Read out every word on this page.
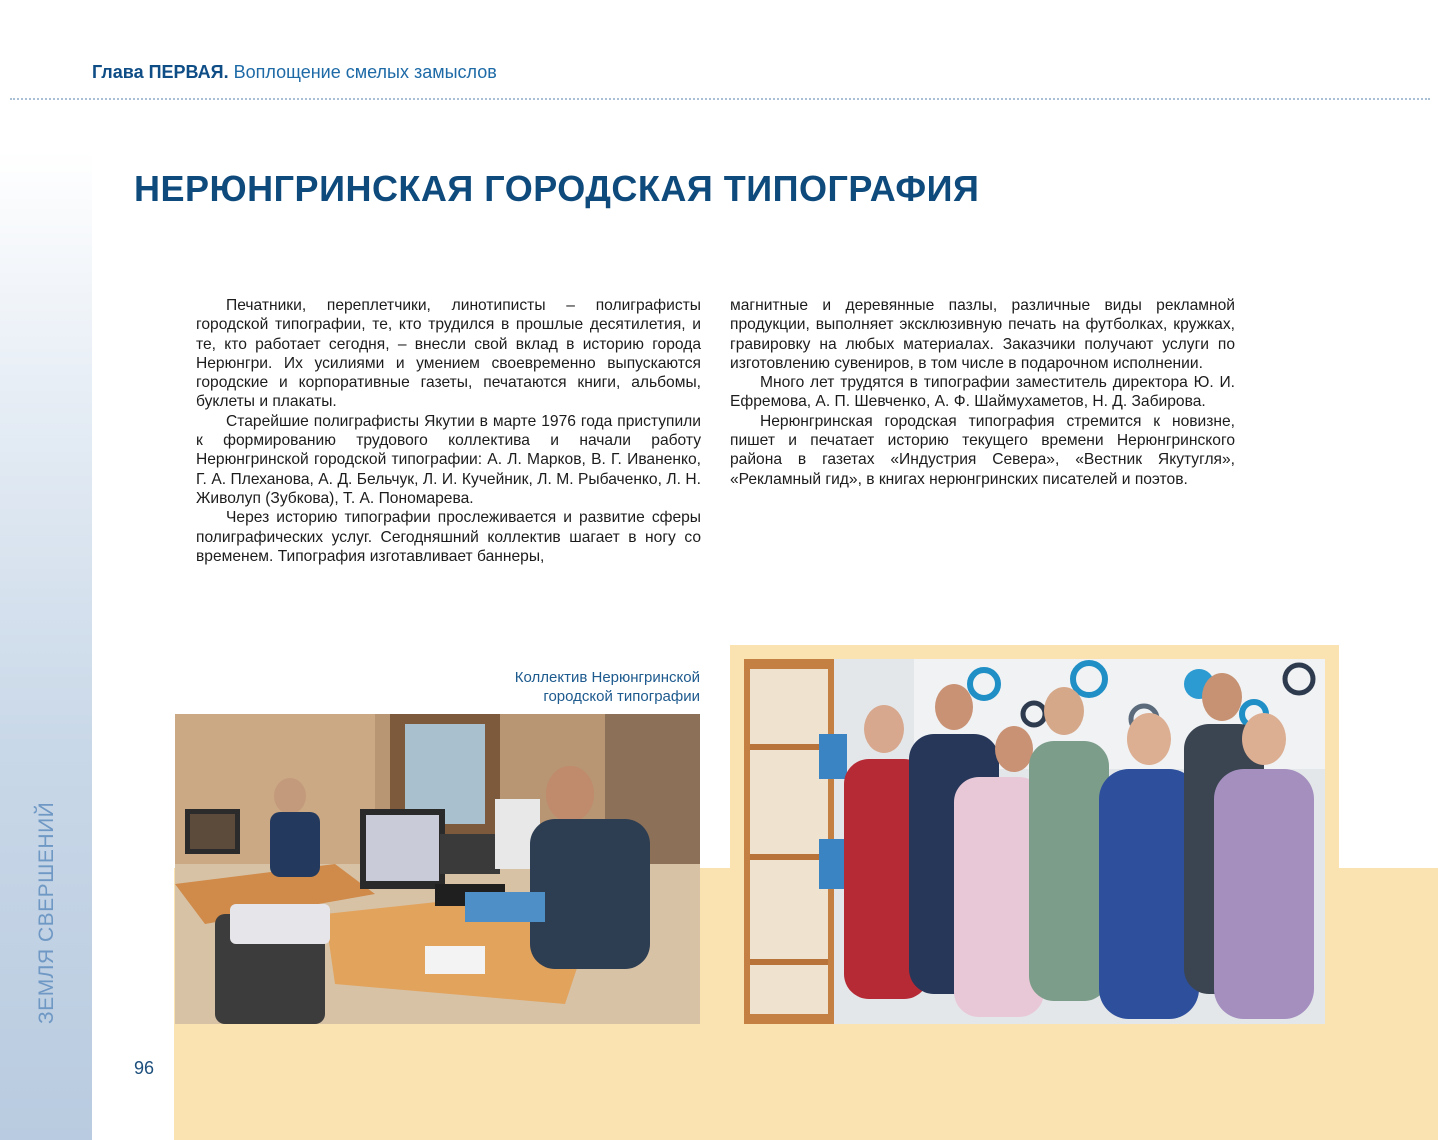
ЗЕМЛЯ СВЕРШЕНИЙ
Глава ПЕРВАЯ. Воплощение смелых замыслов
НЕРЮНГРИНСКАЯ ГОРОДСКАЯ ТИПОГРАФИЯ

Печатники, переплетчики, линотиписты – полиграфисты городской типографии, те, кто трудился в прошлые десятилетия, и те, кто работает сегодня, – внесли свой вклад в историю города Нерюнгри. Их усилиями и умением своевременно выпускаются городские и корпоративные газеты, печатаются книги, альбомы, буклеты и плакаты.

Старейшие полиграфисты Якутии в марте 1976 года приступили к формированию трудового коллектива и начали работу Нерюнгринской городской типографии: А. Л. Марков, В. Г. Иваненко, Г. А. Плеханова, А. Д. Бельчук, Л. И. Кучейник, Л. М. Рыбаченко, Л. Н. Живолуп (Зубкова), Т. А. Пономарева.

Через историю типографии прослеживается и развитие сферы полиграфических услуг. Сегодняшний коллектив шагает в ногу со временем. Типография изготавливает баннеры,

магнитные и деревянные пазлы, различные виды рекламной продукции, выполняет эксклюзивную печать на футболках, кружках, гравировку на любых материалах. Заказчики получают услуги по изготовлению сувениров, в том числе в подарочном исполнении.

Много лет трудятся в типографии заместитель директора Ю. И. Ефремова, А. П. Шевченко, А. Ф. Шаймухаметов, Н. Д. Забирова.

Нерюнгринская городская типография стремится к новизне, пишет и печатает историю текущего времени Нерюнгринского района в газетах «Индустрия Севера», «Вестник Якутугля», «Рекламный гид», в книгах нерюнгринских писателей и поэтов.

Коллектив Нерюнгринской
городской типографии
96
